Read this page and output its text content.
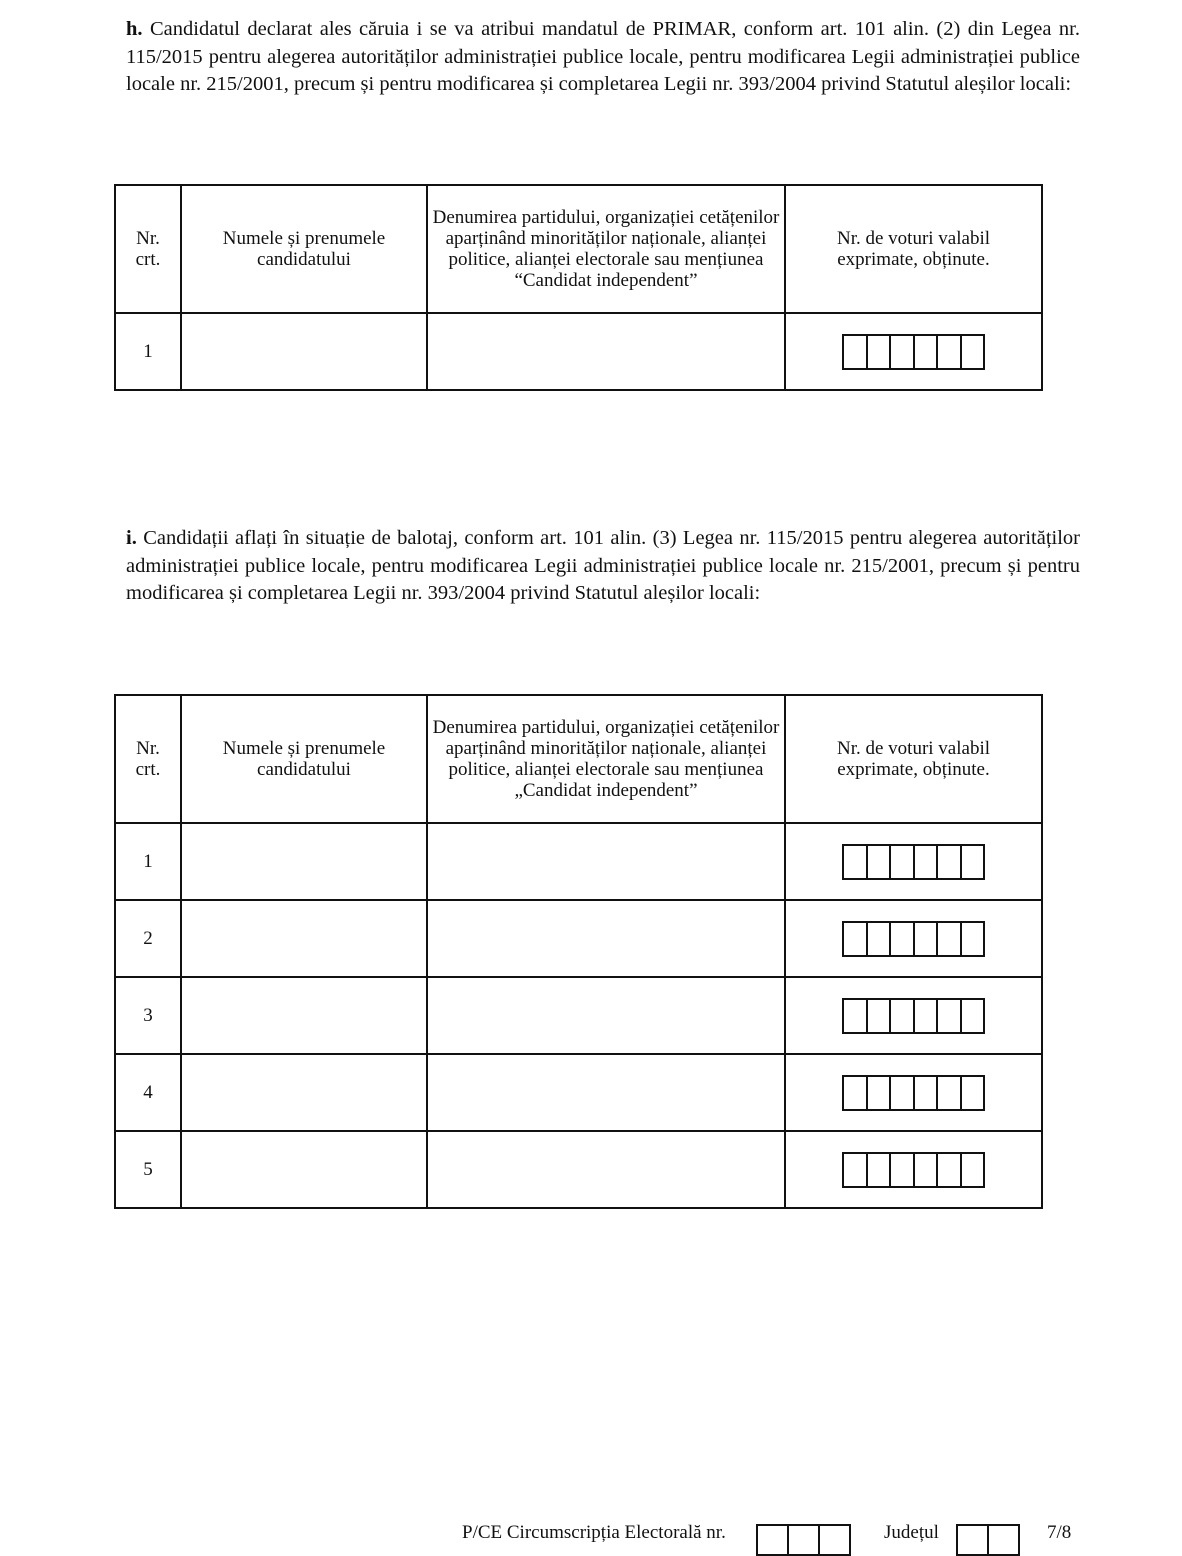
h. Candidatul declarat ales căruia i se va atribui mandatul de PRIMAR, conform art. 101 alin. (2) din Legea nr. 115/2015 pentru alegerea autorităților administrației publice locale, pentru modificarea Legii administrației publice locale nr. 215/2001, precum și pentru modificarea și completarea Legii nr. 393/2004 privind Statutul aleșilor locali:

Nr. crt.	Numele și prenumele candidatului	Denumirea partidului, organizației cetățenilor aparținând minorităților naționale, alianței politice, alianței electorale sau mențiunea “Candidat independent”	Nr. de voturi valabil exprimate, obținute.

1			

i. Candidații aflați în situație de balotaj, conform art. 101 alin. (3) Legea nr. 115/2015 pentru alegerea autorităților administrației publice locale, pentru modificarea Legii administrației publice locale nr. 215/2001, precum și pentru modificarea și completarea Legii nr. 393/2004 privind Statutul aleșilor locali:

Nr. crt.	Numele și prenumele candidatului	Denumirea partidului, organizației cetățenilor aparținând minorităților naționale, alianței politice, alianței electorale sau mențiunea „Candidat independent”	Nr. de voturi valabil exprimate, obținute.

1			

2			

3			

4			

5			
P/CE Circumscripția Electorală nr.	Județul	7/8
